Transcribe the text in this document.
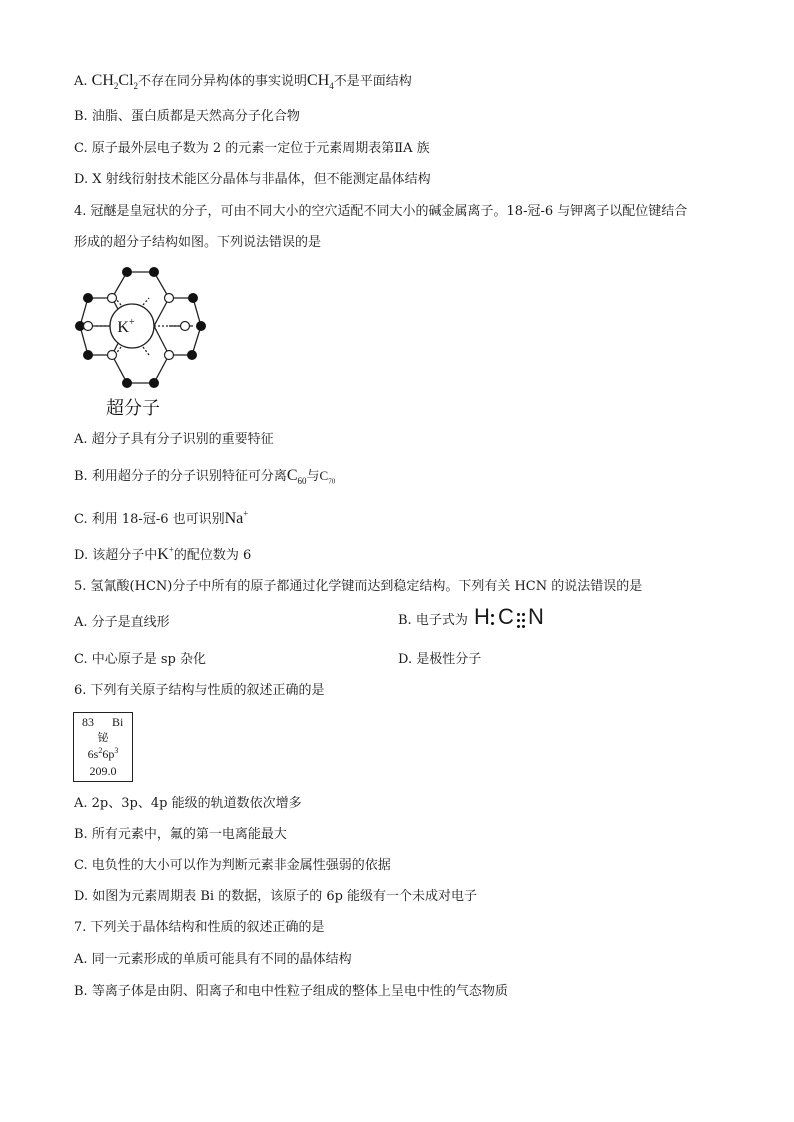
A. $CH_2Cl_2$不存在同分异构体的事实说明$CH_4$不是平面结构
B. 油脂、蛋白质都是天然高分子化合物
C. 原子最外层电子数为 2 的元素一定位于元素周期表第ⅡA 族
D. X 射线衍射技术能区分晶体与非晶体，但不能测定晶体结构
4. 冠醚是皇冠状的分子，可由不同大小的空穴适配不同大小的碱金属离子。18-冠-6 与钾离子以配位键结合
形成的超分子结构如图。下列说法错误的是
K+
超分子
A. 超分子具有分子识别的重要特征
B. 利用超分子的分子识别特征可分离$C_{60}$与$C_{70}$
C. 利用 18-冠-6 也可识别Na+
D. 该超分子中K+的配位数为 6
5. 氢氰酸(HCN)分子中所有的原子都通过化学键而达到稳定结构。下列有关 HCN 的说法错误的是
A. 分子是直线形	B. 电子式为 H C N
C. 中心原子是 sp 杂化	D. 是极性分子
6. 下列有关原子结构与性质的叙述正确的是
83 Bi
铋
$6s^26p^3$
209.0
A. 2p、3p、4p 能级的轨道数依次增多
B. 所有元素中，氟的第一电离能最大
C. 电负性的大小可以作为判断元素非金属性强弱的依据
D. 如图为元素周期表 Bi 的数据，该原子的 6p 能级有一个未成对电子
7. 下列关于晶体结构和性质的叙述正确的是
A. 同一元素形成的单质可能具有不同的晶体结构
B. 等离子体是由阴、阳离子和电中性粒子组成的整体上呈电中性的气态物质
